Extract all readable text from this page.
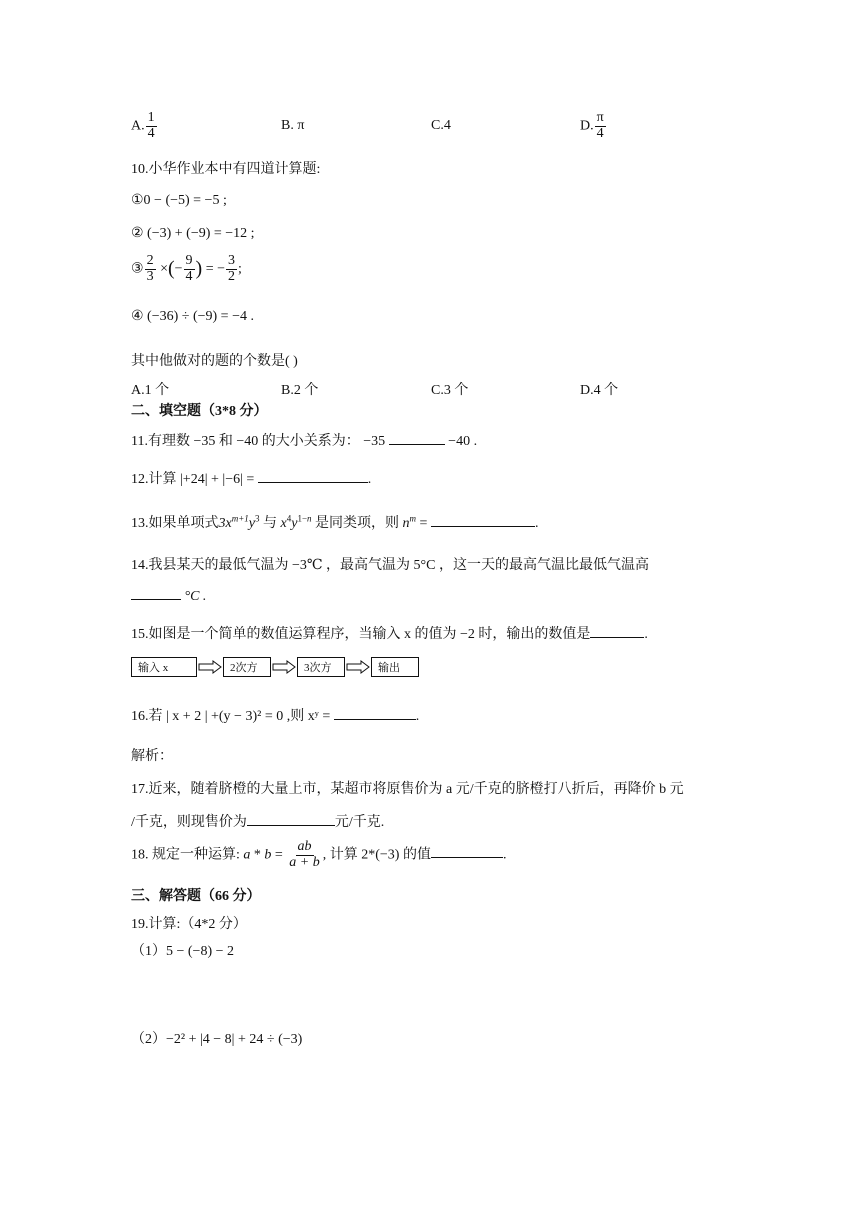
A. $\frac{1}{4}$	B. π	C.4	D. $\frac{\pi}{4}$
10.小华作业本中有四道计算题:
①0 − (−5) = −5 ;
② (−3) + (−9) = −12 ;
③ $\frac{2}{3}$ ×(− $\frac{9}{4}$ ) = − $\frac{3}{2}$ ;
④ (−36) ÷ (−9) = −4 .
其中他做对的题的个数是( )
A.1 个	B.2 个	C.3 个	D.4 个
二、填空题（3*8 分）
11.有理数 −35 和 −40 的大小关系为： −35	−40 .
12.计算 |+24| + |−6| =	.
13.如果单项式$3x^{m+1}y^3$ 与 $x^4y^{1-n}$ 是同类项，则 $n^m$ =	.
14.我县某天的最低气温为 −3℃ ，最高气温为 5°C ，这一天的最高气温比最低气温高
°C .
15.如图是一个简单的数值运算程序，当输入 x 的值为 −2 时，输出的数值是	.
输入 x	2次方	3次方	输出
16.若 | x + 2 | +(y − 3)² = 0 ,则 xʸ =	.
解析：
17.近来，随着脐橙的大量上市，某超市将原售价为 a 元/千克的脐橙打八折后，再降价 b 元
/千克，则现售价为	元/千克.
18. 规定一种运算: $a * b = \frac{ab}{a + b}$ , 计算 2*(−3) 的值	.
三、解答题（66 分）
19.计算:（4*2 分）
（1）5 − (−8) − 2
（2）−2² + |4 − 8| + 24 ÷ (−3)
